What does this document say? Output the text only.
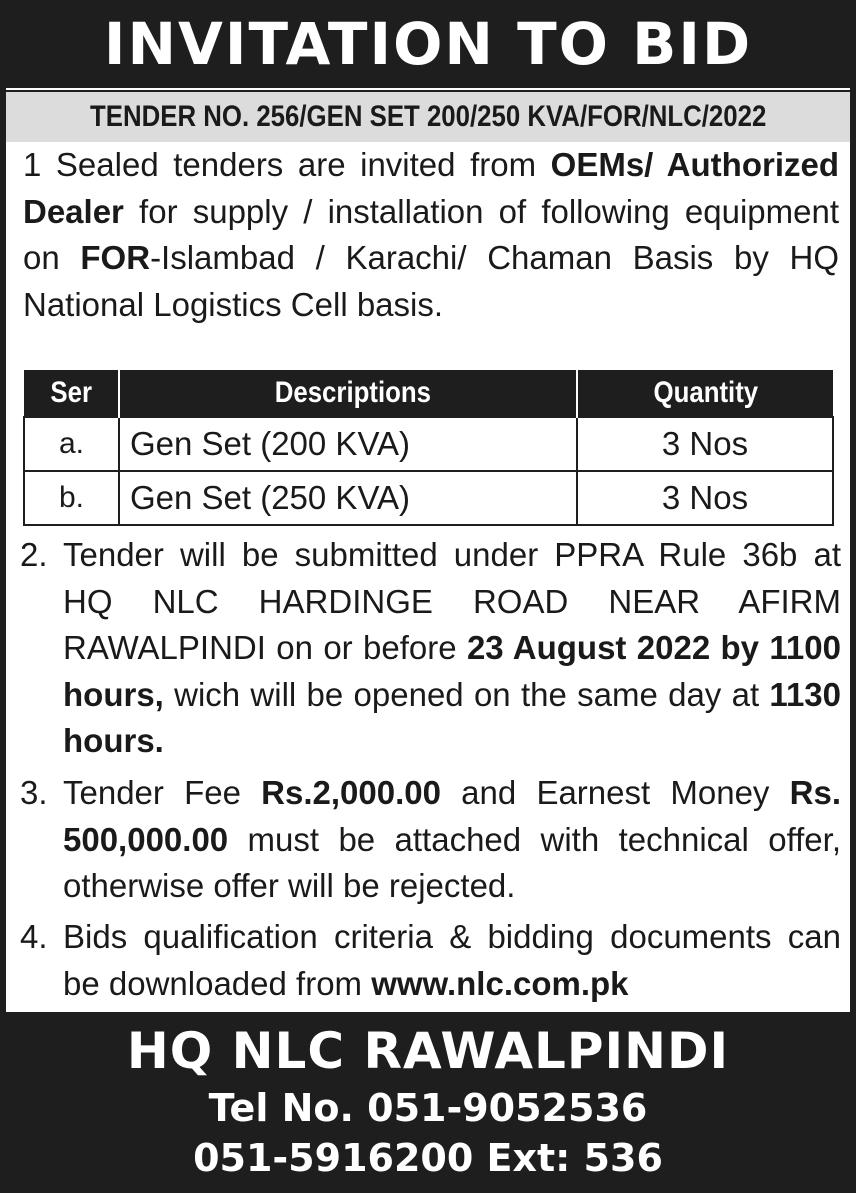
INVITATION TO BID
TENDER NO. 256/GEN SET 200/250 KVA/FOR/NLC/2022
1 Sealed tenders are invited from OEMs/ Authorized Dealer for supply / installation of following equipment on FOR-Islambad / Karachi/ Chaman Basis by HQ National Logistics Cell basis.
Ser	Descriptions	Quantity
a.	Gen Set (200 KVA)	3 Nos
b.	Gen Set (250 KVA)	3 Nos
2. Tender will be submitted under PPRA Rule 36b at HQ NLC HARDINGE ROAD NEAR AFIRM RAWALPINDI on or before 23 August 2022 by 1100 hours, wich will be opened on the same day at 1130 hours.
3. Tender Fee Rs.2,000.00 and Earnest Money Rs. 500,000.00 must be attached with technical offer, otherwise offer will be rejected.
4. Bids qualification criteria & bidding documents can be downloaded from www.nlc.com.pk
HQ NLC RAWALPINDI
Tel No. 051-9052536
051-5916200 Ext: 536
